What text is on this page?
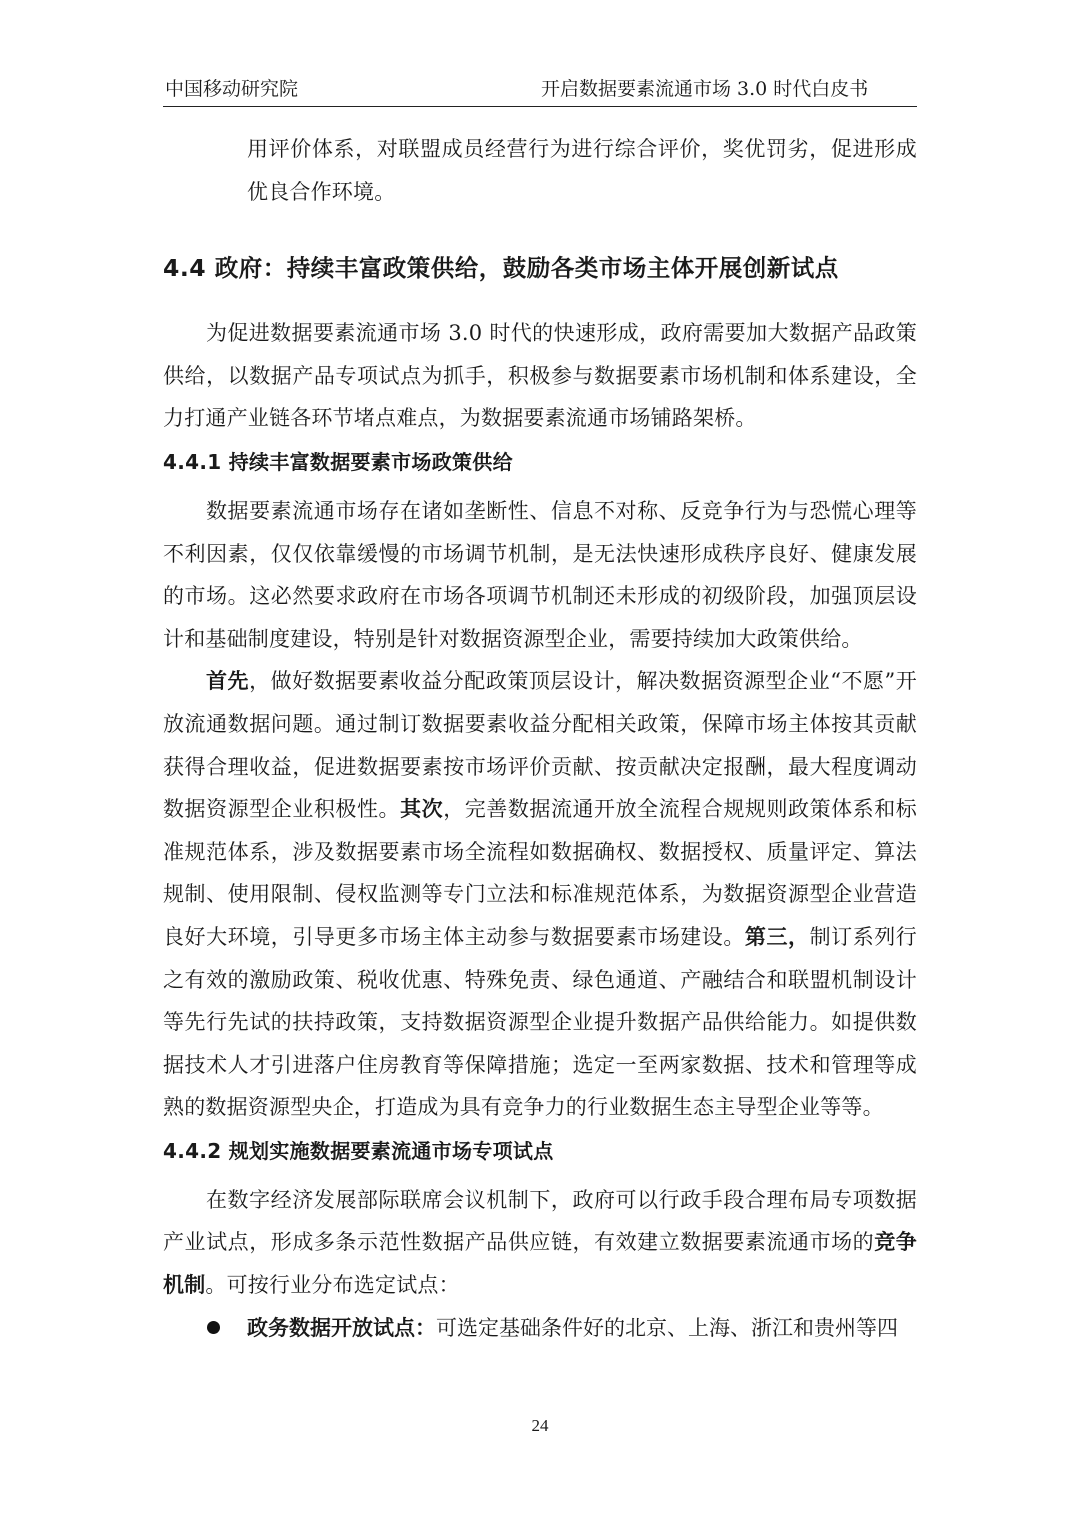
中国移动研究院	开启数据要素流通市场 3.0 时代白皮书

用评价体系，对联盟成员经营行为进行综合评价，奖优罚劣，促进形成优良合作环境。

4.4 政府：持续丰富政策供给，鼓励各类市场主体开展创新试点

为促进数据要素流通市场 3.0 时代的快速形成，政府需要加大数据产品政策供给，以数据产品专项试点为抓手，积极参与数据要素市场机制和体系建设，全力打通产业链各环节堵点难点，为数据要素流通市场铺路架桥。

4.4.1 持续丰富数据要素市场政策供给

数据要素流通市场存在诸如垄断性、信息不对称、反竞争行为与恐慌心理等不利因素，仅仅依靠缓慢的市场调节机制，是无法快速形成秩序良好、健康发展的市场。这必然要求政府在市场各项调节机制还未形成的初级阶段，加强顶层设计和基础制度建设，特别是针对数据资源型企业，需要持续加大政策供给。

首先，做好数据要素收益分配政策顶层设计，解决数据资源型企业“不愿”开放流通数据问题。通过制订数据要素收益分配相关政策，保障市场主体按其贡献获得合理收益，促进数据要素按市场评价贡献、按贡献决定报酬，最大程度调动数据资源型企业积极性。其次，完善数据流通开放全流程合规规则政策体系和标准规范体系，涉及数据要素市场全流程如数据确权、数据授权、质量评定、算法规制、使用限制、侵权监测等专门立法和标准规范体系，为数据资源型企业营造良好大环境，引导更多市场主体主动参与数据要素市场建设。第三，制订系列行之有效的激励政策、税收优惠、特殊免责、绿色通道、产融结合和联盟机制设计等先行先试的扶持政策，支持数据资源型企业提升数据产品供给能力。如提供数据技术人才引进落户住房教育等保障措施；选定一至两家数据、技术和管理等成熟的数据资源型央企，打造成为具有竞争力的行业数据生态主导型企业等等。

4.4.2 规划实施数据要素流通市场专项试点

在数字经济发展部际联席会议机制下，政府可以行政手段合理布局专项数据产业试点，形成多条示范性数据产品供应链，有效建立数据要素流通市场的竞争机制。可按行业分布选定试点：

政务数据开放试点：可选定基础条件好的北京、上海、浙江和贵州等四

24
